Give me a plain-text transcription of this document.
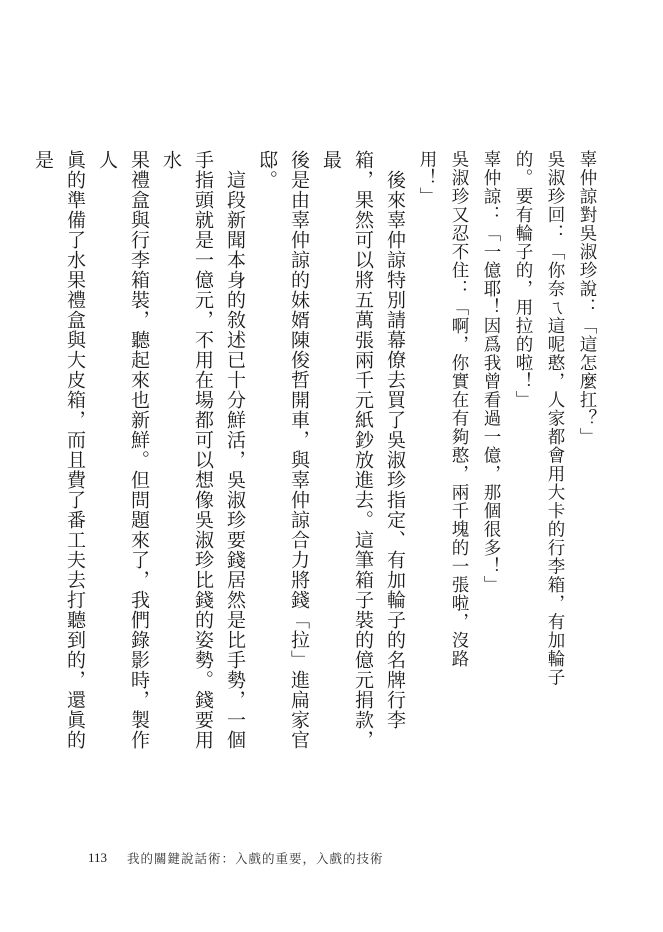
辜仲諒對吳淑珍說：「這怎麼扛？」

吳淑珍回：「你奈ㄟ這呢憨，人家都會用大卡的行李箱，有加輪子

的。要有輪子的，用拉的啦！」

辜仲諒：「一億耶！因爲我曾看過一億，那個很多！」

吳淑珍又忍不住：「啊，你實在有夠憨，兩千塊的一張啦，沒路

用！」

　後來辜仲諒特別請幕僚去買了吳淑珍指定、有加輪子的名牌行李

箱，果然可以將五萬張兩千元紙鈔放進去。這筆箱子裝的億元捐款，最

後是由辜仲諒的妹婿陳俊哲開車，與辜仲諒合力將錢「拉」進扁家官邸。

　這段新聞本身的敘述已十分鮮活，吳淑珍要錢居然是比手勢，一個

手指頭就是一億元，不用在場都可以想像吳淑珍比錢的姿勢。錢要用水

果禮盒與行李箱裝，聽起來也新鮮。但問題來了，我們錄影時，製作人

眞的準備了水果禮盒與大皮箱，而且費了番工夫去打聽到的，還眞的是

113 我的關鍵說話術：入戲的重要，入戲的技術
